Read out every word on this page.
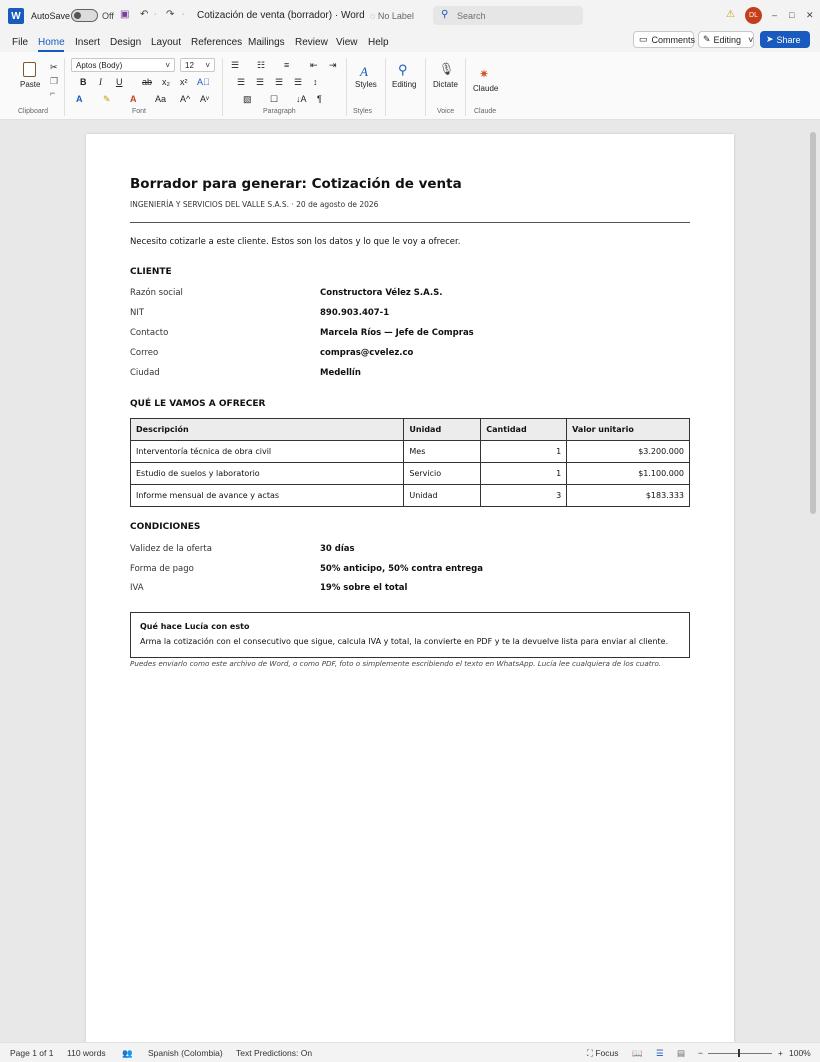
W	AutoSave	Off ▣ ↶ · ↷ · Cotización de venta (borrador) · Word ◌ No Label	⚲ Search	⚠	DL	– □ ✕
File Home Insert Design Layout References Mailings Review View Help	▭ Comments ✎ Editing ˅ ➤ Share
Paste
✂
❐
⌐
Clipboard
Aptos (Body)	˅	12 ˅
B I U ab x₂ x² A⃠
A ✎ A Aa A^ Aᵛ
Font
☰ ☷ ≡ ⇤ ⇥
☰ ☰ ☰ ☰ ↕
▧ ☐ ↓A ¶
Paragraph
A
Styles
Styles
⚲
Editing
🎙
Dictate
Voice
✷
Claude
Claude
Borrador para generar: Cotización de venta
INGENIERÍA Y SERVICIOS DEL VALLE S.A.S. · 20 de agosto de 2026
Necesito cotizarle a este cliente. Estos son los datos y lo que le voy a ofrecer.
CLIENTE
Razón social	Constructora Vélez S.A.S.
NIT	890.903.407-1
Contacto	Marcela Ríos — Jefe de Compras
Correo	compras@cvelez.co
Ciudad	Medellín
QUÉ LE VAMOS A OFRECER
Descripción	Unidad	Cantidad	Valor unitario
Interventoría técnica de obra civil	Mes	1	$3.200.000
Estudio de suelos y laboratorio	Servicio	1	$1.100.000
Informe mensual de avance y actas	Unidad	3	$183.333
CONDICIONES
Validez de la oferta	30 días
Forma de pago	50% anticipo, 50% contra entrega
IVA	19% sobre el total
Qué hace Lucía con esto
Arma la cotización con el consecutivo que sigue, calcula IVA y total, la convierte en PDF y te la devuelve lista para enviar al cliente.
Puedes enviarlo como este archivo de Word, o como PDF, foto o simplemente escribiendo el texto en WhatsApp. Lucía lee cualquiera de los cuatro.
Page 1 of 1 110 words 👥 Spanish (Colombia) Text Predictions: On	⛶ Focus 📖 ☰ ▤ −	+ 100%
